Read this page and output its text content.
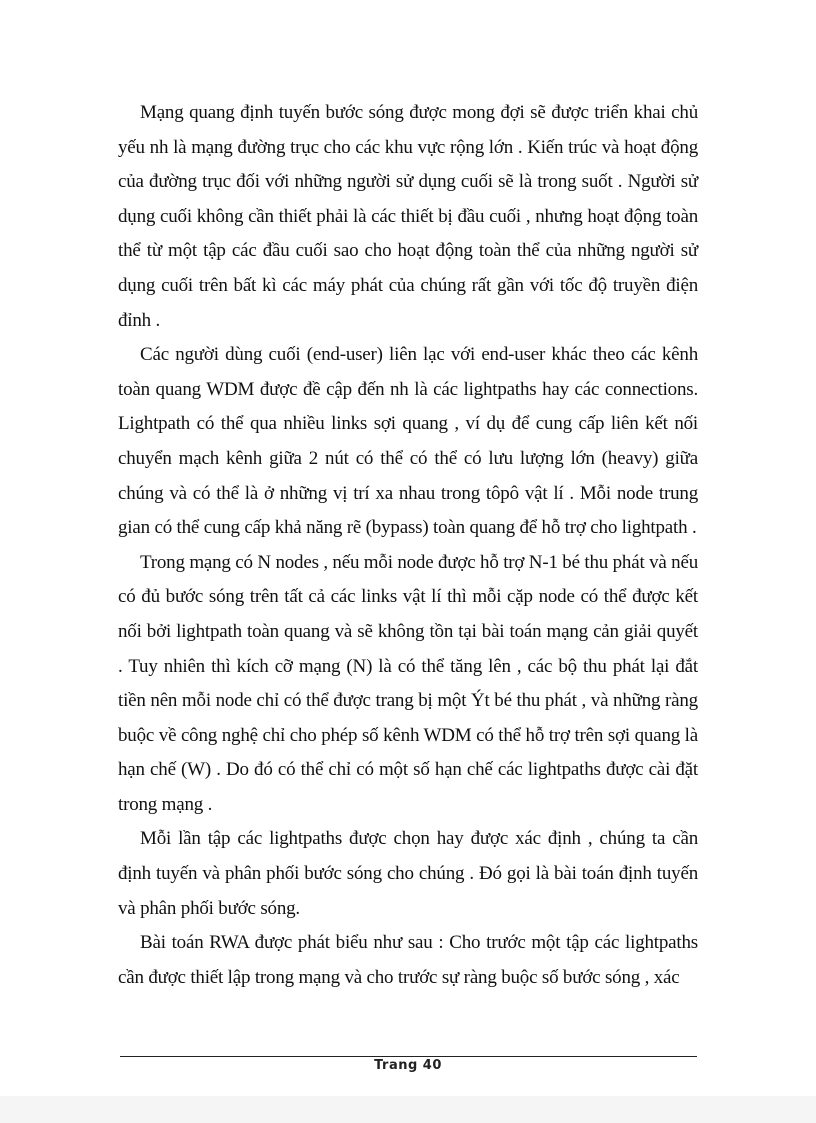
Mạng quang định tuyến bước sóng được mong đợi sẽ được triển khai chủ yếu nh là mạng đường trục cho các khu vực rộng lớn . Kiến trúc và hoạt động của đường trục đối với những người sử dụng cuối sẽ là trong suốt . Người sử dụng cuối không cần thiết phải là các thiết bị đầu cuối , nhưng hoạt động toàn thể từ một tập các đầu cuối sao cho hoạt động toàn thể của những người sử dụng cuối trên bất kì các máy phát của chúng rất gần với tốc độ truyền điện đỉnh .

Các người dùng cuối (end-user) liên lạc với end-user khác theo các kênh toàn quang WDM được đề cập đến nh là các lightpaths hay các connections. Lightpath có thể qua nhiều links sợi quang , ví dụ để cung cấp liên kết nối chuyển mạch kênh giữa 2 nút có thể có thể có lưu lượng lớn (heavy) giữa chúng và có thể là ở những vị trí xa nhau trong tôpô vật lí . Mỗi node trung gian có thể cung cấp khả năng rẽ (bypass) toàn quang để hỗ trợ cho lightpath .

Trong mạng có N nodes , nếu mỗi node được hỗ trợ N-1 bé thu phát và nếu có đủ bước sóng trên tất cả các links vật lí thì mỗi cặp node có thể được kết nối bởi lightpath toàn quang và sẽ không tồn tại bài toán mạng cản giải quyết . Tuy nhiên thì kích cỡ mạng (N) là có thể tăng lên , các bộ thu phát lại đắt tiền nên mỗi node chỉ có thể được trang bị một Ýt bé thu phát , và những ràng buộc về công nghệ chỉ cho phép số kênh WDM có thể hỗ trợ trên sợi quang là hạn chế (W) . Do đó có thể chỉ có một số hạn chế các lightpaths được cài đặt trong mạng .

Mỗi lần tập các lightpaths được chọn hay được xác định , chúng ta cần định tuyến và phân phối bước sóng cho chúng . Đó gọi là bài toán định tuyến và phân phối bước sóng.

Bài toán RWA được phát biểu như sau : Cho trước một tập các lightpaths cần được thiết lập trong mạng và cho trước sự ràng buộc số bước sóng , xác

Trang 40
